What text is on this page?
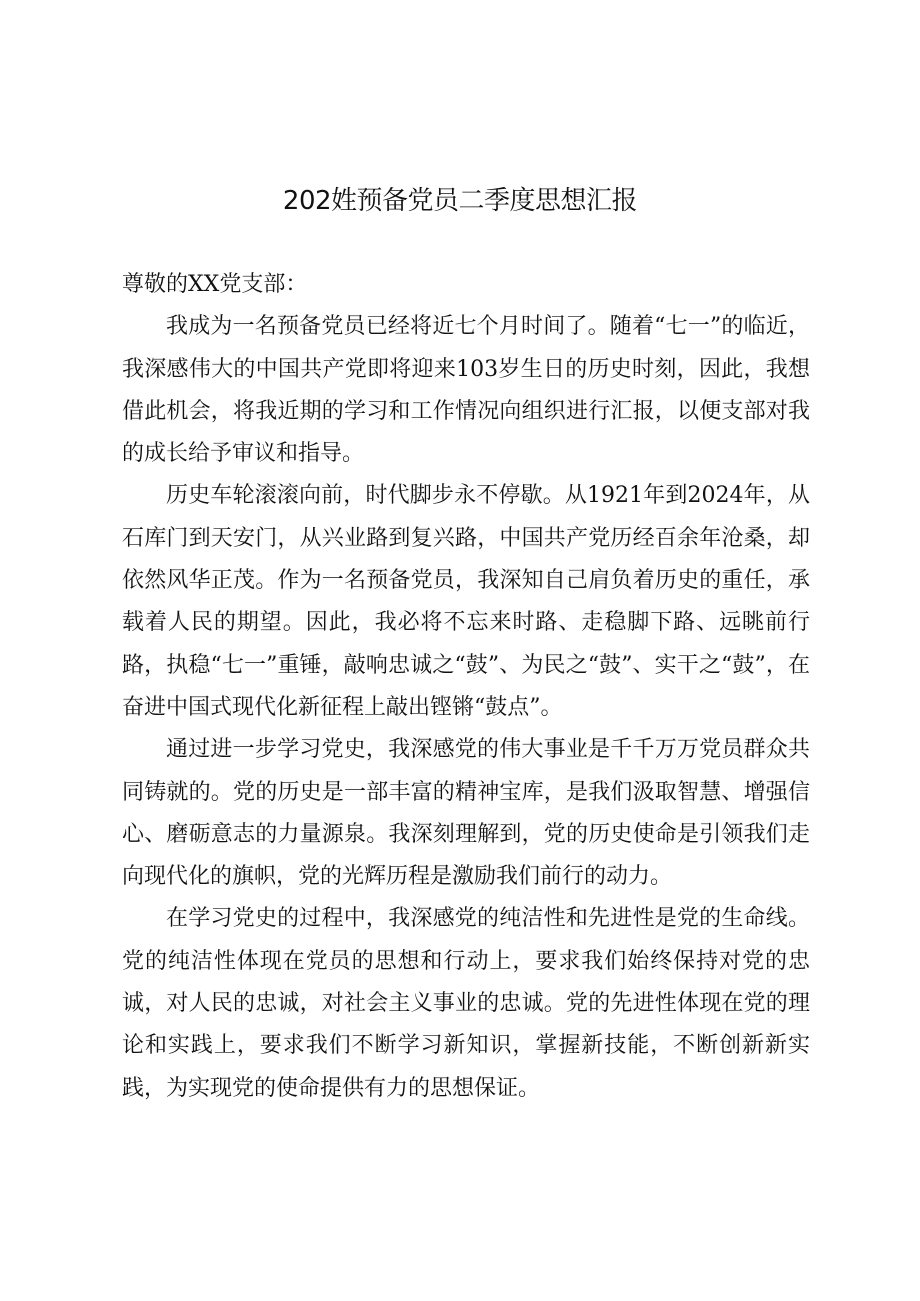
202姓预备党员二季度思想汇报

尊敬的XX党支部：

我成为一名预备党员已经将近七个月时间了。随着“七一”的临近，我深感伟大的中国共产党即将迎来103岁生日的历史时刻，因此，我想借此机会，将我近期的学习和工作情况向组织进行汇报，以便支部对我的成长给予审议和指导。

历史车轮滚滚向前，时代脚步永不停歇。从1921年到2024年，从石库门到天安门，从兴业路到复兴路，中国共产党历经百余年沧桑，却依然风华正茂。作为一名预备党员，我深知自己肩负着历史的重任，承载着人民的期望。因此，我必将不忘来时路、走稳脚下路、远眺前行路，执稳“七一”重锤，敲响忠诚之“鼓”、为民之“鼓”、实干之“鼓”，在奋进中国式现代化新征程上敲出铿锵“鼓点”。

通过进一步学习党史，我深感党的伟大事业是千千万万党员群众共同铸就的。党的历史是一部丰富的精神宝库，是我们汲取智慧、增强信心、磨砺意志的力量源泉。我深刻理解到，党的历史使命是引领我们走向现代化的旗帜，党的光辉历程是激励我们前行的动力。

在学习党史的过程中，我深感党的纯洁性和先进性是党的生命线。党的纯洁性体现在党员的思想和行动上，要求我们始终保持对党的忠诚，对人民的忠诚，对社会主义事业的忠诚。党的先进性体现在党的理论和实践上，要求我们不断学习新知识，掌握新技能，不断创新新实践，为实现党的使命提供有力的思想保证。
